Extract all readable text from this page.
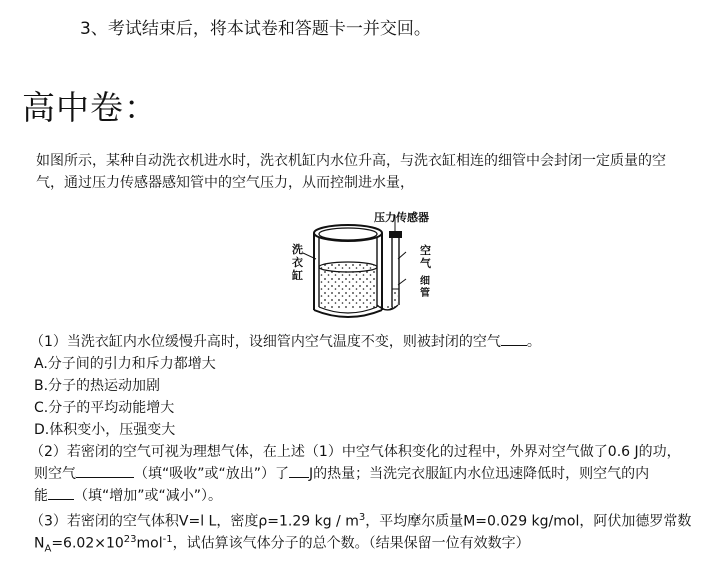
3、考试结束后，将本试卷和答题卡一并交回。
高中卷：
如图所示，某种自动洗衣机进水时，洗衣机缸内水位升高，与洗衣缸相连的细管中会封闭一定质量的空
气，通过压力传感器感知管中的空气压力，从而控制进水量，
压力传感器
洗衣缸
空气
细管
（1）当洗衣缸内水位缓慢升高时，设细管内空气温度不变，则被封闭的空气 。
A.分子间的引力和斥力都增大
B.分子的热运动加剧
C.分子的平均动能增大
D.体积变小，压强变大
（2）若密闭的空气可视为理想气体，在上述（1）中空气体积变化的过程中，外界对空气做了0.6 J的功，
则空气	（填“吸收”或“放出”）了 J的热量；当洗完衣服缸内水位迅速降低时，则空气的内
能 （填“增加”或“减小”）。
（3）若密闭的空气体积V=l L，密度ρ=1.29 kg / $m^3$，平均摩尔质量M=0.029 kg/mol，阿伏加德罗常数
$N_A=6.02\times 10^{23}mol^{-1}$，试估算该气体分子的总个数。（结果保留一位有效数字）
